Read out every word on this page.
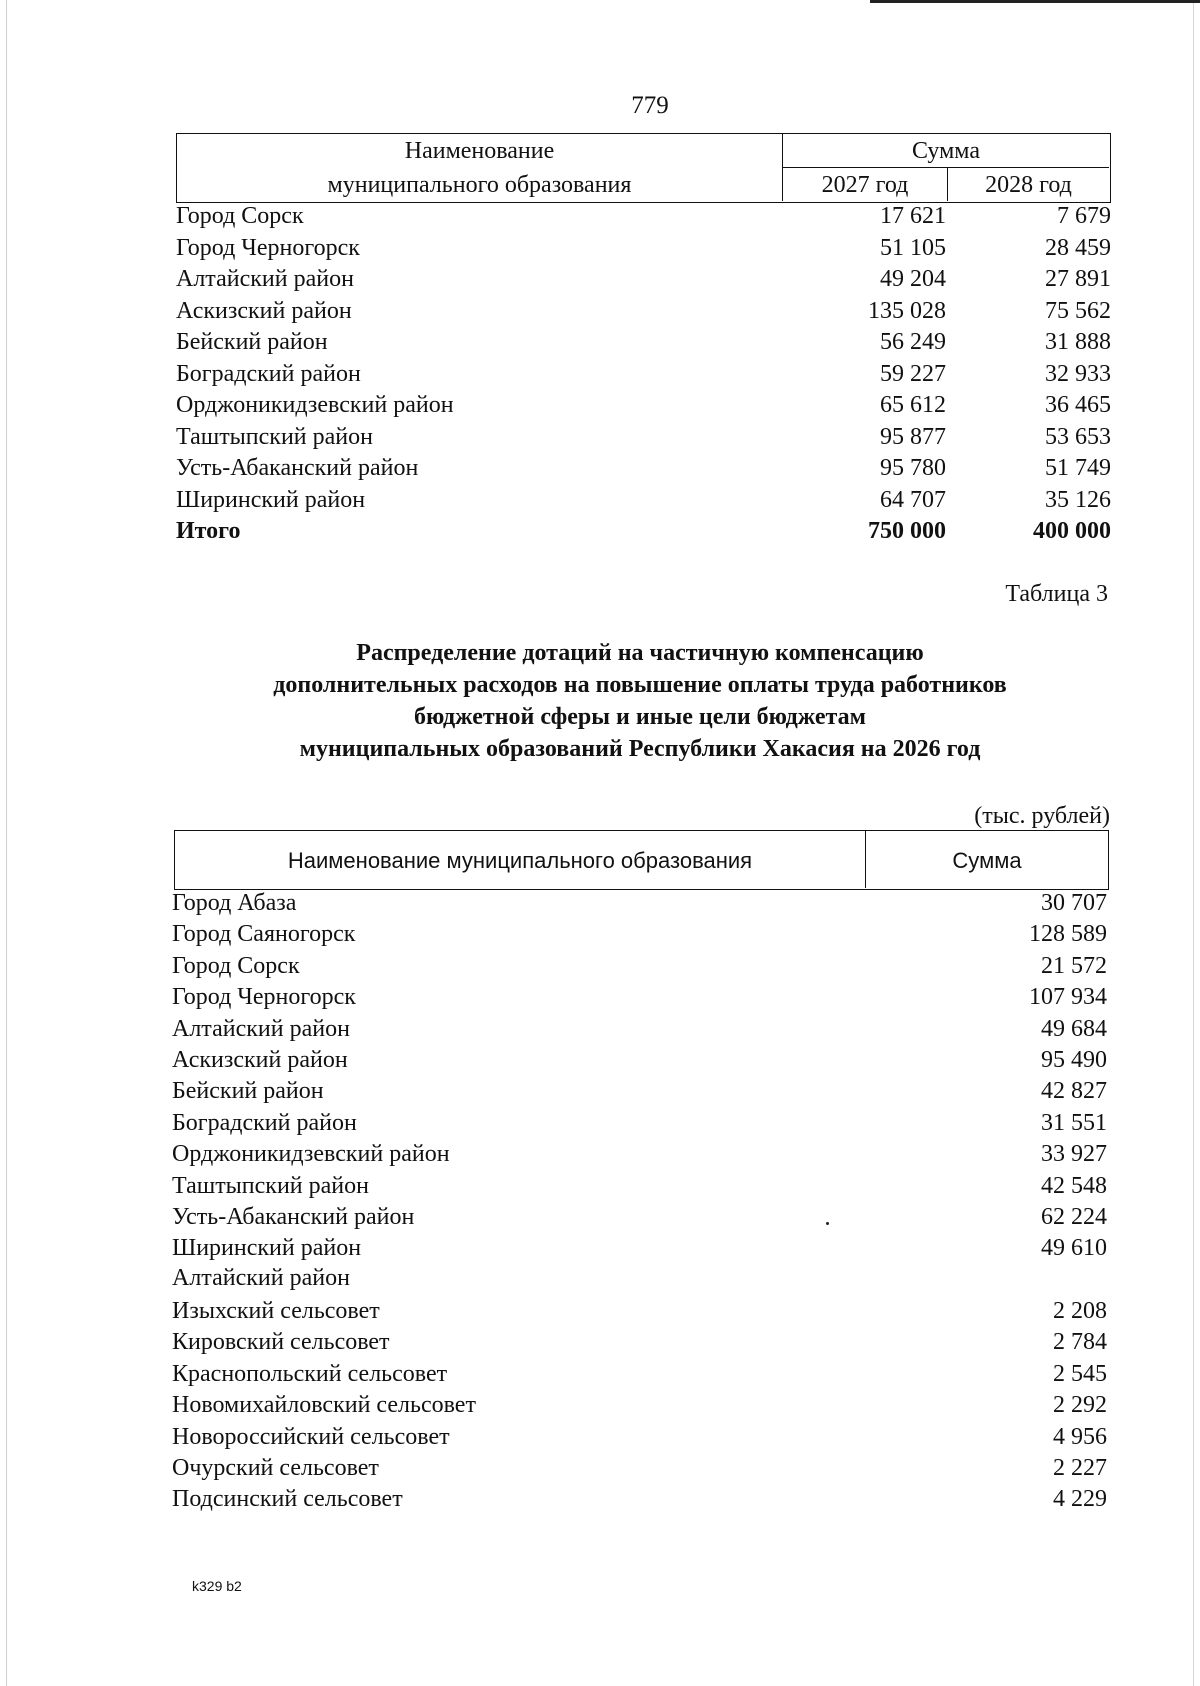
779
Наименование
муниципального образования
Сумма
2027 год	2028 год
Город Сорск	17 621	7 679
Город Черногорск	51 105	28 459
Алтайский район	49 204	27 891
Аскизский район	135 028	75 562
Бейский район	56 249	31 888
Боградский район	59 227	32 933
Орджоникидзевский район	65 612	36 465
Таштыпский район	95 877	53 653
Усть-Абаканский район	95 780	51 749
Ширинский район	64 707	35 126
Итого	750 000	400 000
Таблица 3
Распределение дотаций на частичную компенсацию
дополнительных расходов на повышение оплаты труда работников
бюджетной сферы и иные цели бюджетам
муниципальных образований Республики Хакасия на 2026 год
(тыс. рублей)
Наименование муниципального образования	Сумма
Город Абаза	30 707
Город Саяногорск	128 589
Город Сорск	21 572
Город Черногорск	107 934
Алтайский район	49 684
Аскизский район	95 490
Бейский район	42 827
Боградский район	31 551
Орджоникидзевский район	33 927
Таштыпский район	42 548
Усть-Абаканский район	62 224
Ширинский район	49 610
Алтайский район
Изыхский сельсовет	2 208
Кировский сельсовет	2 784
Краснопольский сельсовет	2 545
Новомихайловский сельсовет	2 292
Новороссийский сельсовет	4 956
Очурский сельсовет	2 227
Подсинский сельсовет	4 229
k329 b2
